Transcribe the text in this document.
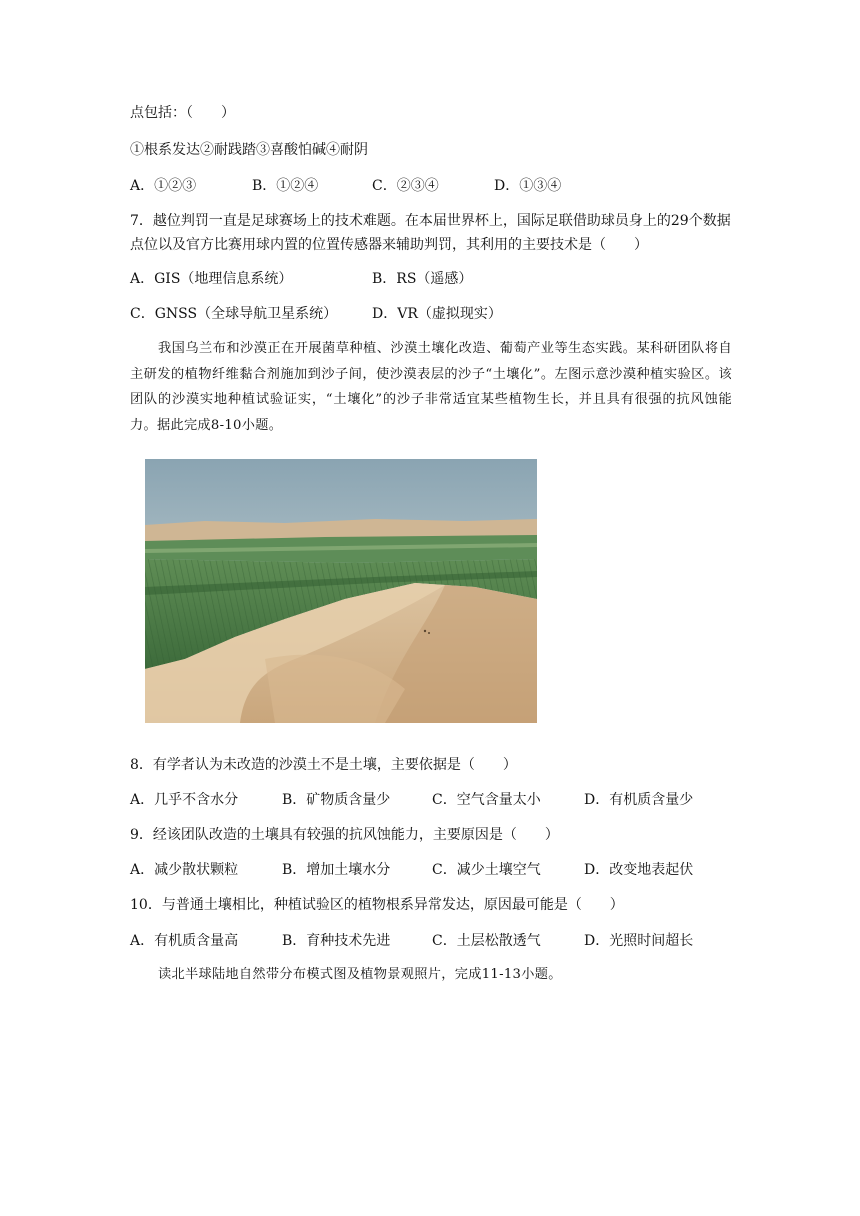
点包括：（　　）
①根系发达②耐践踏③喜酸怕碱④耐阴
A．①②③	B．①②④	C．②③④	D．①③④
7．越位判罚一直是足球赛场上的技术难题。在本届世界杯上，国际足联借助球员身上的29个数据点位以及官方比赛用球内置的位置传感器来辅助判罚，其利用的主要技术是（　　）
A．GIS（地理信息系统）	B．RS（遥感）
C．GNSS（全球导航卫星系统） D．VR（虚拟现实）
我国乌兰布和沙漠正在开展菌草种植、沙漠土壤化改造、葡萄产业等生态实践。某科研团队将自主研发的植物纤维黏合剂施加到沙子间，使沙漠表层的沙子“土壤化”。左图示意沙漠种植实验区。该团队的沙漠实地种植试验证实，“土壤化”的沙子非常适宜某些植物生长，并且具有很强的抗风蚀能力。据此完成8-10小题。
8．有学者认为未改造的沙漠土不是土壤，主要依据是（　　）
A．几乎不含水分	B．矿物质含量少	C．空气含量太小	D．有机质含量少
9．经该团队改造的土壤具有较强的抗风蚀能力，主要原因是（　　）
A．减少散状颗粒	B．增加土壤水分	C．减少土壤空气	D．改变地表起伏
10．与普通土壤相比，种植试验区的植物根系异常发达，原因最可能是（　　）
A．有机质含量高	B．育种技术先进	C．土层松散透气	D．光照时间超长
读北半球陆地自然带分布模式图及植物景观照片，完成11-13小题。
